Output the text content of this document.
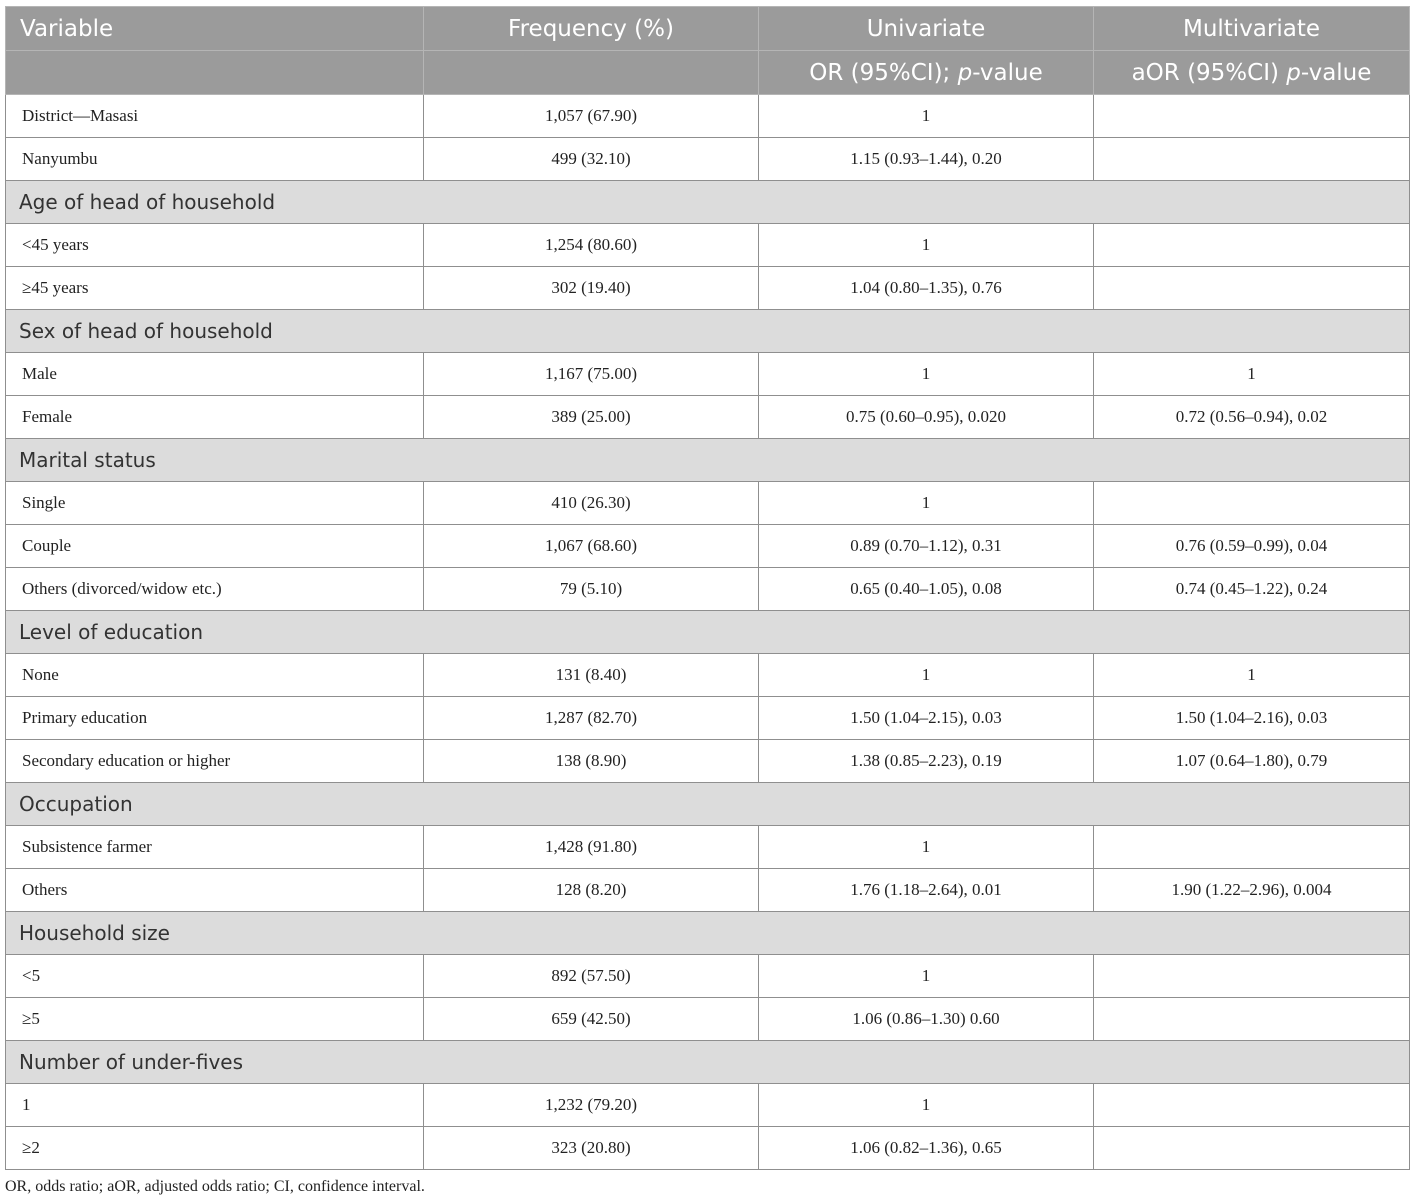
Variable	Frequency (%)	Univariate	Multivariate
		OR (95%CI); p-value	aOR (95%CI) p-value
District—Masasi	1,057 (67.90)	1	
Nanyumbu	499 (32.10)	1.15 (0.93–1.44), 0.20	
Age of head of household			
<45 years	1,254 (80.60)	1	
≥45 years	302 (19.40)	1.04 (0.80–1.35), 0.76	
Sex of head of household			
Male	1,167 (75.00)	1	1
Female	389 (25.00)	0.75 (0.60–0.95), 0.020	0.72 (0.56–0.94), 0.02
Marital status			
Single	410 (26.30)	1	
Couple	1,067 (68.60)	0.89 (0.70–1.12), 0.31	0.76 (0.59–0.99), 0.04
Others (divorced/widow etc.)	79 (5.10)	0.65 (0.40–1.05), 0.08	0.74 (0.45–1.22), 0.24
Level of education			
None	131 (8.40)	1	1
Primary education	1,287 (82.70)	1.50 (1.04–2.15), 0.03	1.50 (1.04–2.16), 0.03
Secondary education or higher	138 (8.90)	1.38 (0.85–2.23), 0.19	1.07 (0.64–1.80), 0.79
Occupation			
Subsistence farmer	1,428 (91.80)	1	
Others	128 (8.20)	1.76 (1.18–2.64), 0.01	1.90 (1.22–2.96), 0.004
Household size			
<5	892 (57.50)	1	
≥5	659 (42.50)	1.06 (0.86–1.30) 0.60	
Number of under-fives			
1	1,232 (79.20)	1	
≥2	323 (20.80)	1.06 (0.82–1.36), 0.65	
OR, odds ratio; aOR, adjusted odds ratio; CI, confidence interval.
